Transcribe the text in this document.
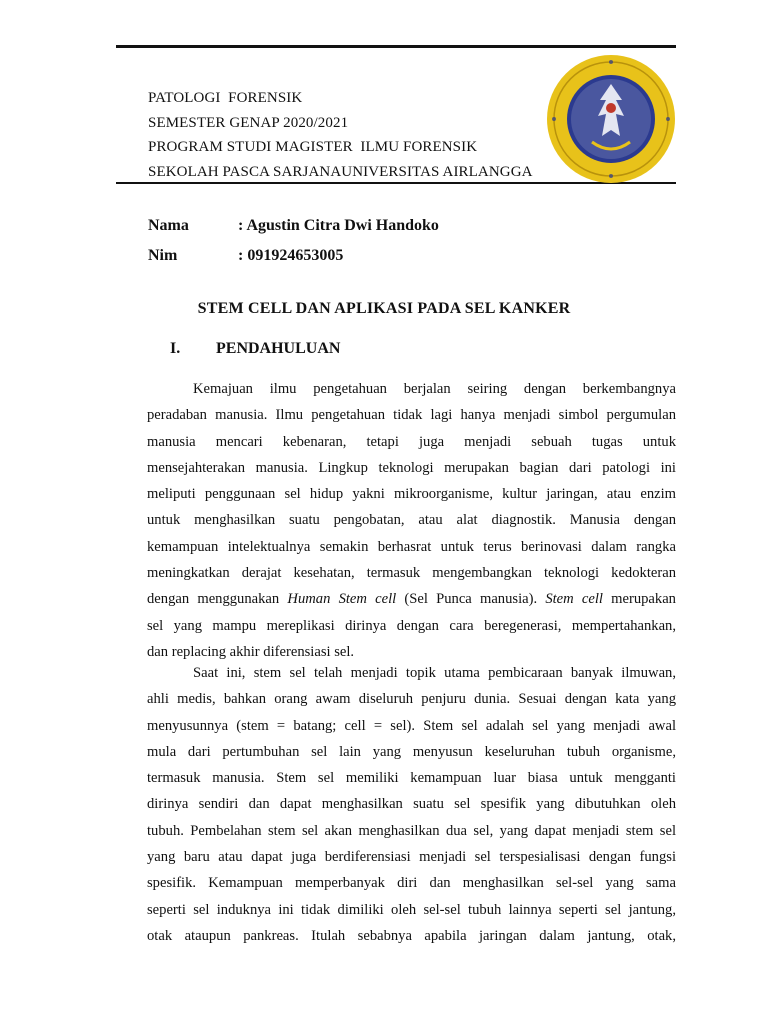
PATOLOGI  FORENSIK
SEMESTER GENAP 2020/2021
PROGRAM STUDI MAGISTER  ILMU FORENSIK
SEKOLAH PASCA SARJANAUNIVERSITAS AIRLANGGA
Nama	: Agustin Citra Dwi Handoko
Nim	: 091924653005
STEM CELL DAN APLIKASI PADA SEL KANKER
I.	PENDAHULUAN
Kemajuan ilmu pengetahuan berjalan seiring dengan berkembangnya
peradaban manusia. Ilmu pengetahuan tidak lagi hanya menjadi simbol pergumulan
manusia mencari kebenaran, tetapi juga menjadi sebuah tugas untuk
mensejahterakan manusia. Lingkup teknologi merupakan bagian dari patologi ini
meliputi penggunaan sel hidup yakni mikroorganisme, kultur jaringan, atau enzim
untuk menghasilkan suatu pengobatan, atau alat diagnostik. Manusia dengan
kemampuan intelektualnya semakin berhasrat untuk terus berinovasi dalam rangka
meningkatkan derajat kesehatan, termasuk mengembangkan teknologi kedokteran
dengan menggunakan Human Stem cell (Sel Punca manusia). Stem cell merupakan
sel yang mampu mereplikasi dirinya dengan cara beregenerasi, mempertahankan,
dan replacing akhir diferensiasi sel.
Saat ini, stem sel telah menjadi topik utama pembicaraan banyak ilmuwan,
ahli medis, bahkan orang awam diseluruh penjuru dunia. Sesuai dengan kata yang
menyusunnya (stem = batang; cell = sel). Stem sel adalah sel yang menjadi awal
mula dari pertumbuhan sel lain yang menyusun keseluruhan tubuh organisme,
termasuk manusia. Stem sel memiliki kemampuan luar biasa untuk mengganti
dirinya sendiri dan dapat menghasilkan suatu sel spesifik yang dibutuhkan oleh
tubuh. Pembelahan stem sel akan menghasilkan dua sel, yang dapat menjadi stem sel
yang baru atau dapat juga berdiferensiasi menjadi sel terspesialisasi dengan fungsi
spesifik. Kemampuan memperbanyak diri dan menghasilkan sel-sel yang sama
seperti sel induknya ini tidak dimiliki oleh sel-sel tubuh lainnya seperti sel jantung,
otak ataupun pankreas. Itulah sebabnya apabila jaringan dalam jantung, otak,
